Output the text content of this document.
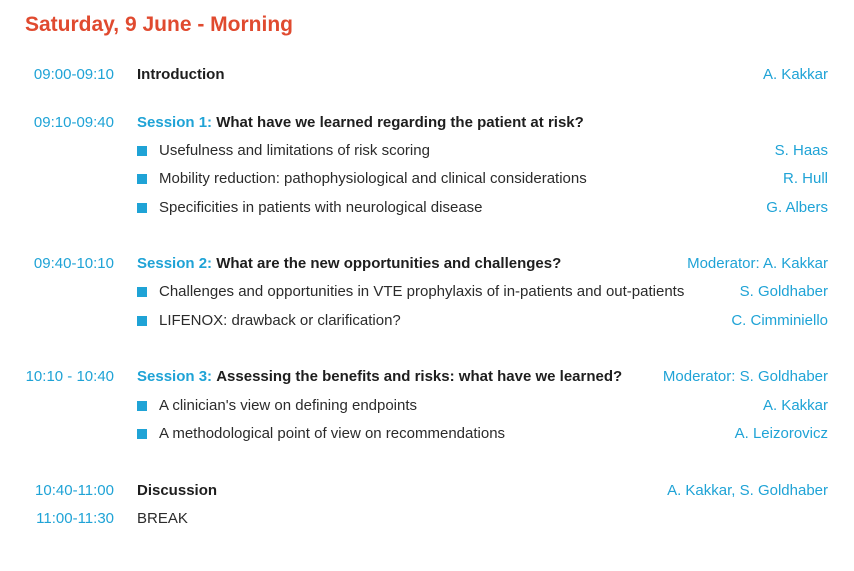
Saturday, 9 June - Morning
09:00-09:10 Introduction	A. Kakkar
09:10-09:40 Session 1: What have we learned regarding the patient at risk?
Usefulness and limitations of risk scoring	S. Haas
Mobility reduction: pathophysiological and clinical considerations	R. Hull
Specificities in patients with neurological disease	G. Albers
09:40-10:10 Session 2: What are the new opportunities and challenges?	Moderator: A. Kakkar
Challenges and opportunities in VTE prophylaxis of in-patients and out-patients	S. Goldhaber
LIFENOX: drawback or clarification?	C. Cimminiello
10:10 - 10:40 Session 3: Assessing the benefits and risks: what have we learned?	Moderator: S. Goldhaber
A clinician's view on defining endpoints	A. Kakkar
A methodological point of view on recommendations	A. Leizorovicz
10:40-11:00 Discussion	A. Kakkar, S. Goldhaber
11:00-11:30 BREAK
